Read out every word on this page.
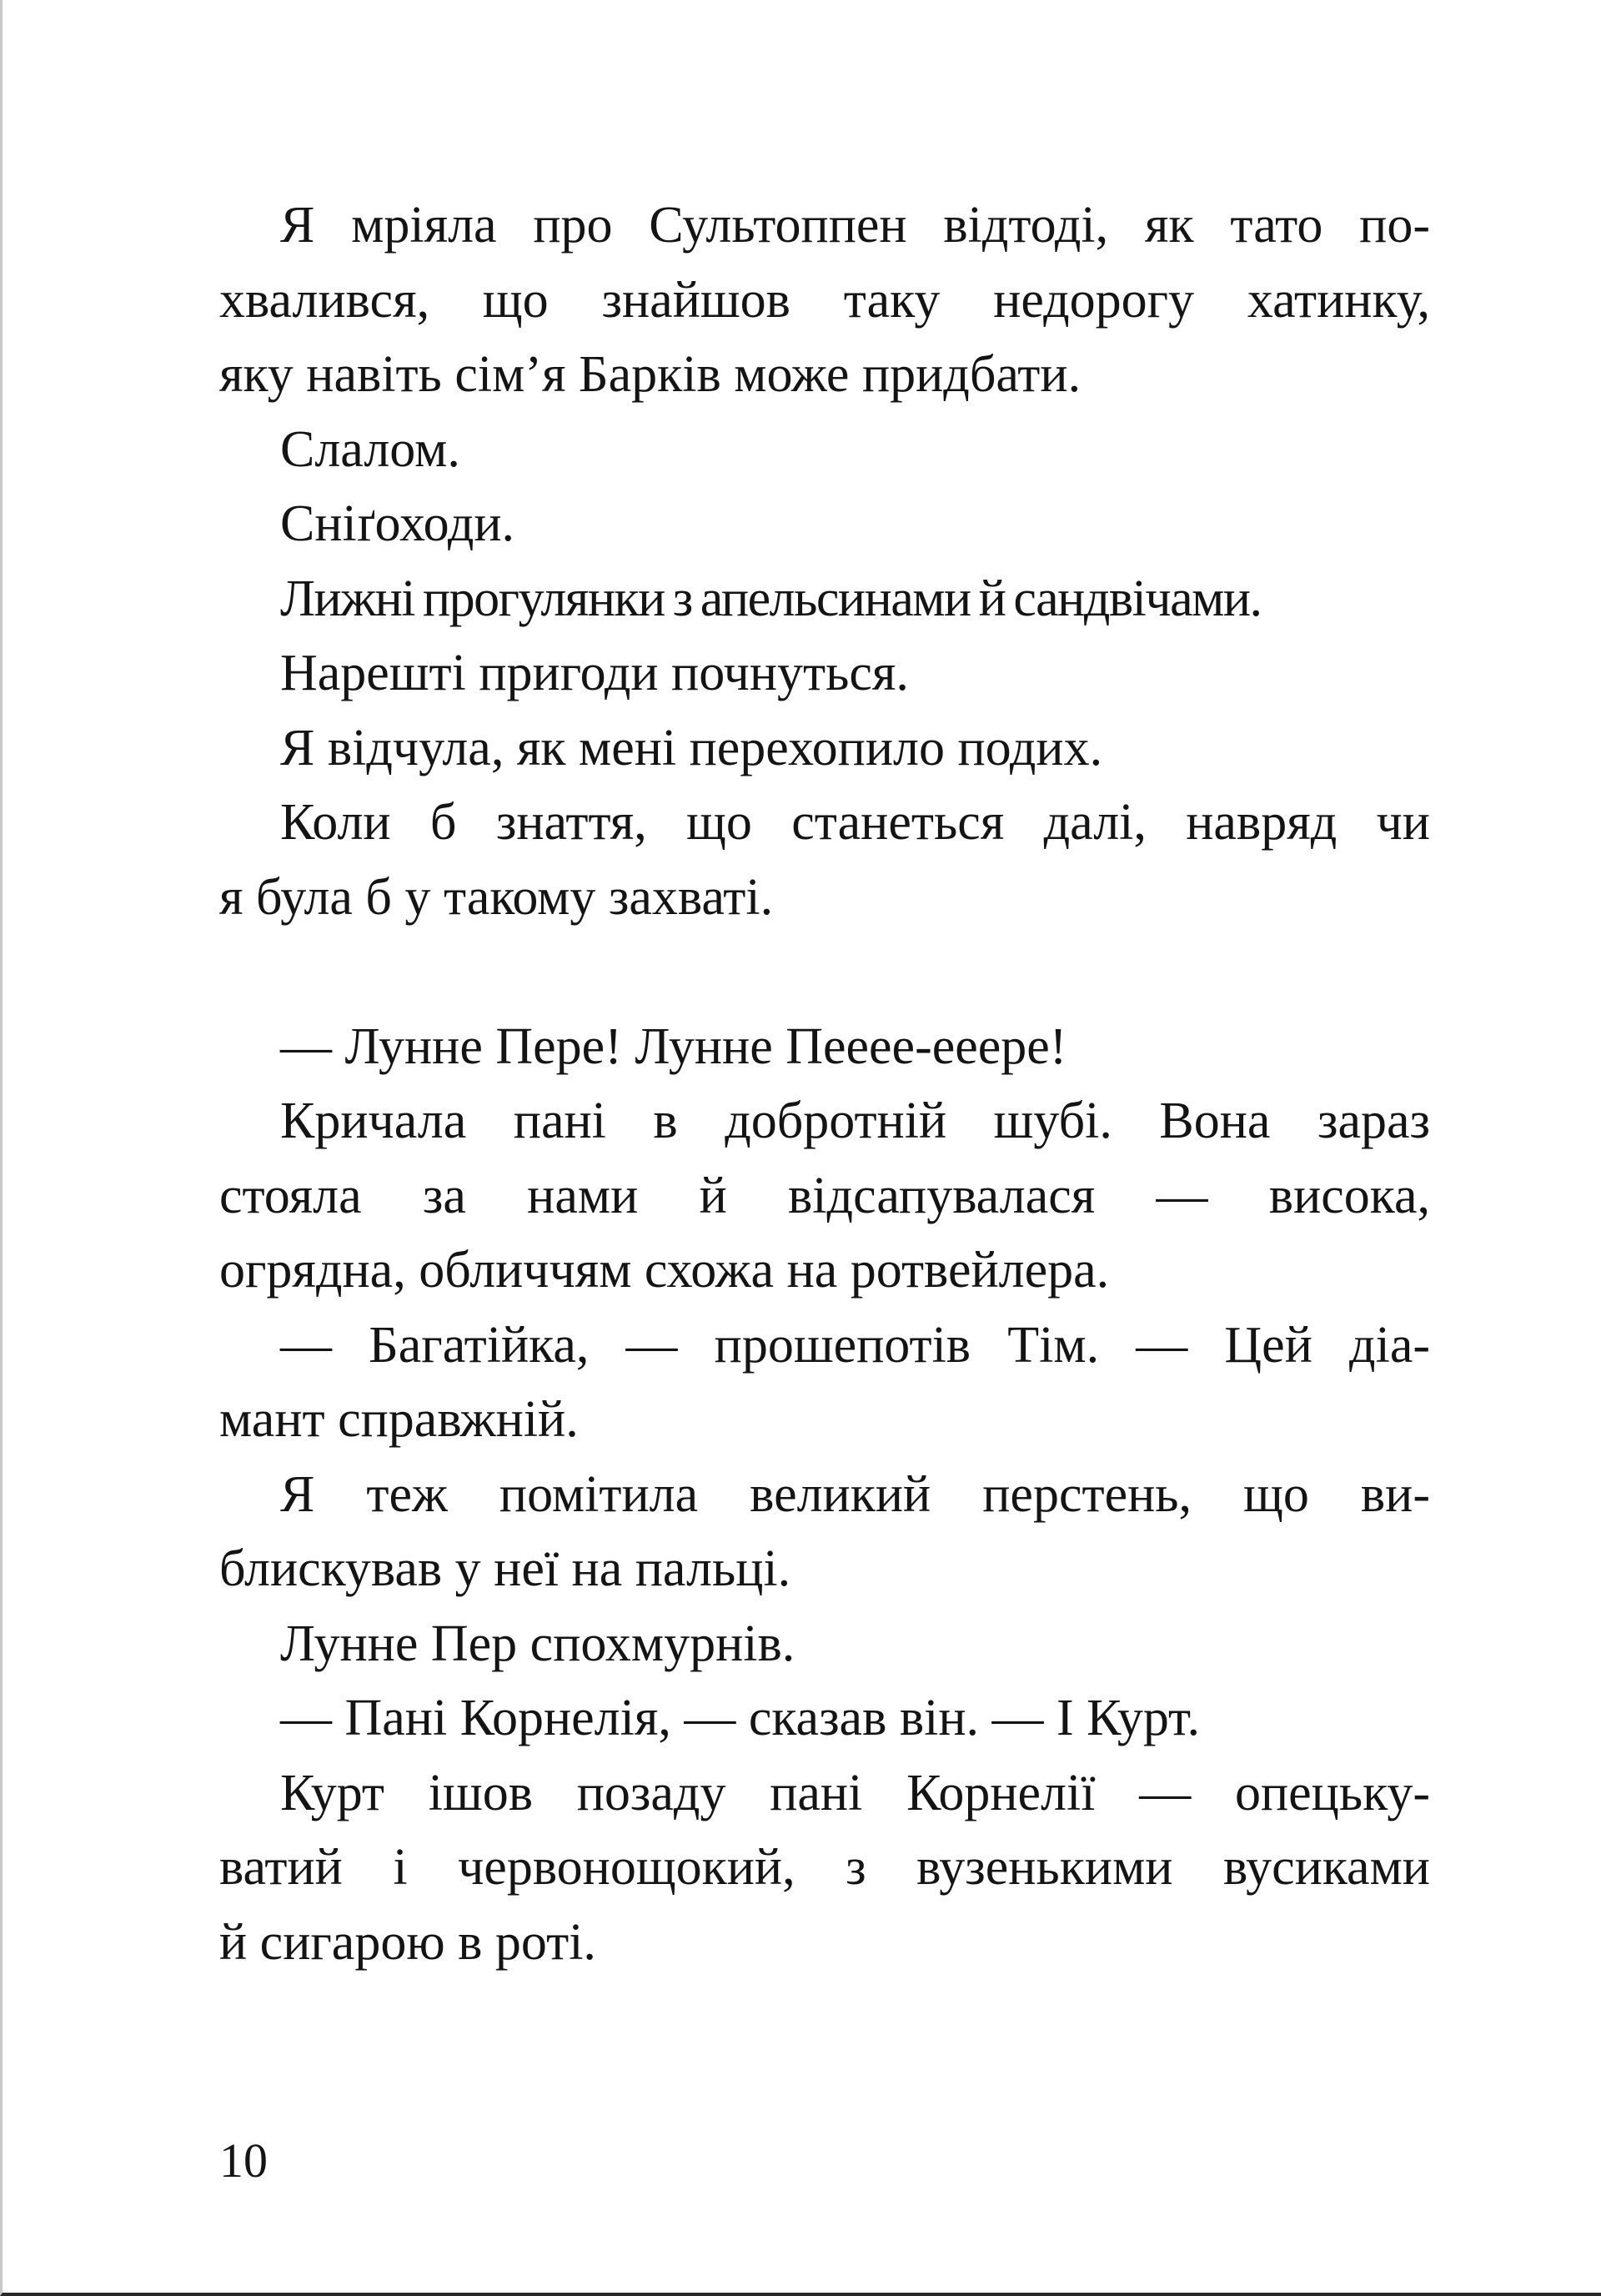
Я мріяла про Сультоппен відтоді, як тато по-
хвалився, що знайшов таку недорогу хатинку,
яку навіть сім’я Барків може придбати.
Слалом.
Сніґоходи.
Лижні прогулянки з апельсинами й сандвічами.
Нарешті пригоди почнуться.
Я відчула, як мені перехопило подих.
Коли б знаття, що станеться далі, навряд чи
я була б у такому захваті.
— Лунне Пере! Лунне Пееее-ееере!
Кричала пані в добротній шубі. Вона зараз
стояла за нами й відсапувалася — висока,
огрядна, обличчям схожа на ротвейлера.
— Багатійка, — прошепотів Тім. — Цей діа-
мант справжній.
Я теж помітила великий перстень, що ви-
блискував у неї на пальці.
Лунне Пер спохмурнів.
— Пані Корнелія, — сказав він. — І Курт.
Курт ішов позаду пані Корнелії — опецьку-
ватий і червонощокий, з вузенькими вусиками
й сигарою в роті.
10
